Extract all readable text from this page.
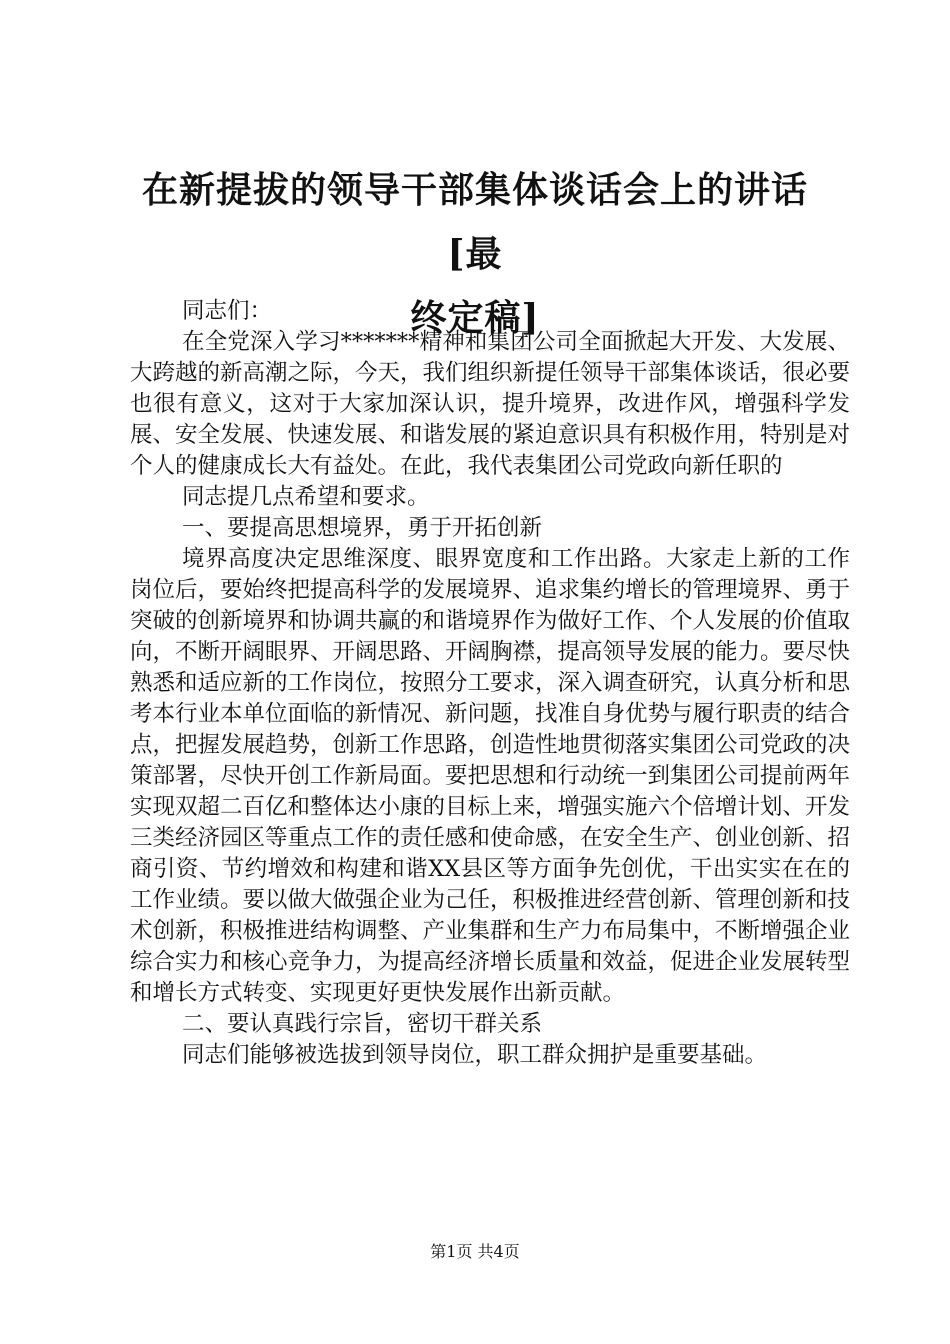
在新提拔的领导干部集体谈话会上的讲话[最
终定稿]

同志们：

在全党深入学习*******精神和集团公司全面掀起大开发、大发展、大跨越的新高潮之际，今天，我们组织新提任领导干部集体谈话，很必要也很有意义，这对于大家加深认识，提升境界，改进作风，增强科学发展、安全发展、快速发展、和谐发展的紧迫意识具有积极作用，特别是对个人的健康成长大有益处。在此，我代表集团公司党政向新任职的

同志提几点希望和要求。

一、要提高思想境界，勇于开拓创新

境界高度决定思维深度、眼界宽度和工作出路。大家走上新的工作岗位后，要始终把提高科学的发展境界、追求集约增长的管理境界、勇于突破的创新境界和协调共赢的和谐境界作为做好工作、个人发展的价值取向，不断开阔眼界、开阔思路、开阔胸襟，提高领导发展的能力。要尽快熟悉和适应新的工作岗位，按照分工要求，深入调查研究，认真分析和思考本行业本单位面临的新情况、新问题，找准自身优势与履行职责的结合点，把握发展趋势，创新工作思路，创造性地贯彻落实集团公司党政的决策部署，尽快开创工作新局面。要把思想和行动统一到集团公司提前两年实现双超二百亿和整体达小康的目标上来，增强实施六个倍增计划、开发三类经济园区等重点工作的责任感和使命感，在安全生产、创业创新、招商引资、节约增效和构建和谐XX县区等方面争先创优，干出实实在在的工作业绩。要以做大做强企业为己任，积极推进经营创新、管理创新和技术创新，积极推进结构调整、产业集群和生产力布局集中，不断增强企业综合实力和核心竞争力，为提高经济增长质量和效益，促进企业发展转型和增长方式转变、实现更好更快发展作出新贡献。

二、要认真践行宗旨，密切干群关系

同志们能够被选拔到领导岗位，职工群众拥护是重要基础。

第1页 共4页
